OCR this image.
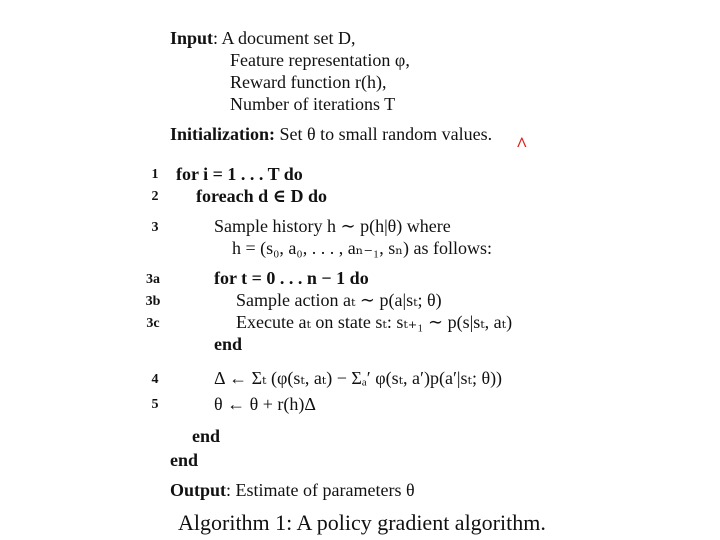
Input: A document set D,
Feature representation φ,
Reward function r(h),
Number of iterations T
Initialization: Set θ to small random values. ^
1 for i = 1 . . . T do
2	foreach d ∈ D do
3	Sample history h ∼ p(h|θ) where
h = (s₀, a₀, . . . , aₙ₋₁, sₙ) as follows:
3a	for t = 0 . . . n − 1 do
3b	Sample action aₜ ∼ p(a|sₜ; θ)
3c	Execute aₜ on state sₜ: sₜ₊₁ ∼ p(s|sₜ, aₜ)
end
4	Δ ← Σₜ (φ(sₜ, aₜ) − Σₐ′ φ(sₜ, a′)p(a′|sₜ; θ))
5	θ ← θ + r(h)Δ
end
end
Output: Estimate of parameters θ
Algorithm 1: A policy gradient algorithm.
